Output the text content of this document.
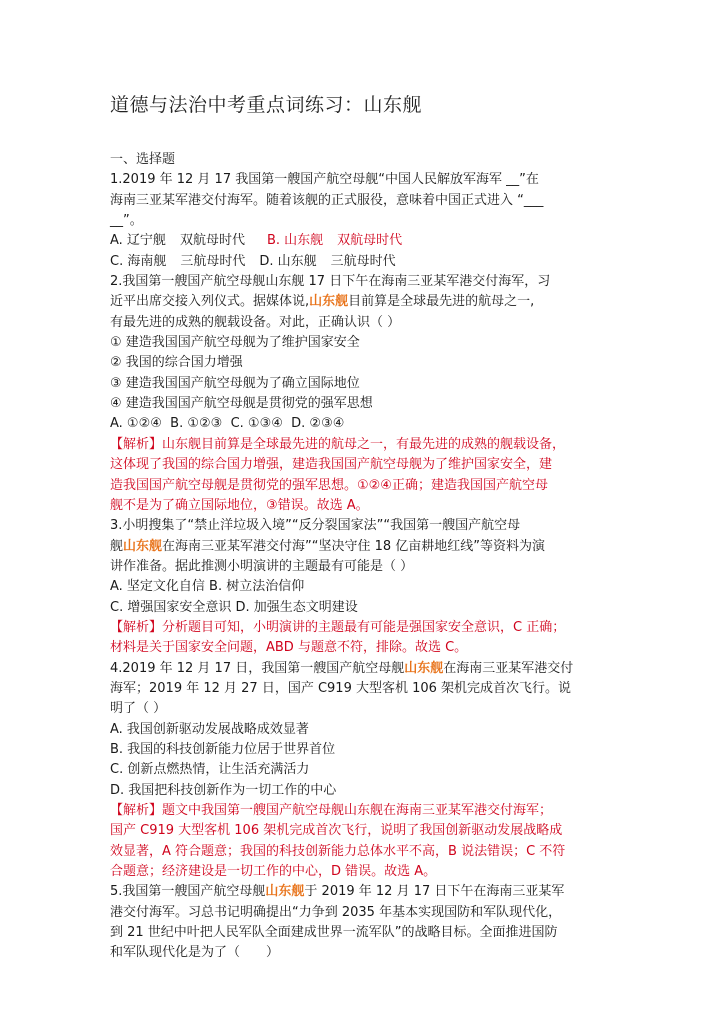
道德与法治中考重点词练习：山东舰
一、选择题
1.2019 年 12 月 17 我国第一艘国产航空母舰“中国人民解放军海军 __”在
海南三亚某军港交付海军。随着该舰的正式服役，意味着中国正式进入 “___
__”。
A. 辽宁舰 双航母时代 B. 山东舰 双航母时代
C. 海南舰 三航母时代 D. 山东舰 三航母时代
2.我国第一艘国产航空母舰山东舰 17 日下午在海南三亚某军港交付海军，习
近平出席交接入列仪式。据媒体说,山东舰目前算是全球最先进的航母之一,
有最先进的成熟的舰载设备。对此，正确认识（ ）
① 建造我国国产航空母舰为了维护国家安全
② 我国的综合国力增强
③ 建造我国国产航空母舰为了确立国际地位
④ 建造我国国产航空母舰是贯彻党的强军思想
A. ①②④  B. ①②③  C. ①③④  D. ②③④
【解析】山东舰目前算是全球最先进的航母之一，有最先进的成熟的舰载设备，
这体现了我国的综合国力增强，建造我国国产航空母舰为了维护国家安全，建
造我国国产航空母舰是贯彻党的强军思想。①②④正确；建造我国国产航空母
舰不是为了确立国际地位，③错误。故选 A。
3.小明搜集了“禁止洋垃圾入境”“反分裂国家法”“我国第一艘国产航空母
舰山东舰在海南三亚某军港交付海”“坚决守住 18 亿亩耕地红线”等资料为演
讲作准备。据此推测小明演讲的主题最有可能是（ ）
A. 坚定文化自信 B. 树立法治信仰
C. 增强国家安全意识 D. 加强生态文明建设
【解析】分析题目可知，小明演讲的主题最有可能是强国家安全意识，C 正确；
材料是关于国家安全问题，ABD 与题意不符，排除。故选 C。
4.2019 年 12 月 17 日，我国第一艘国产航空母舰山东舰在海南三亚某军港交付
海军；2019 年 12 月 27 日，国产 C919 大型客机 106 架机完成首次飞行。说
明了（ ）
A. 我国创新驱动发展战略成效显著
B. 我国的科技创新能力位居于世界首位
C. 创新点燃热情，让生活充满活力
D. 我国把科技创新作为一切工作的中心
【解析】题文中我国第一艘国产航空母舰山东舰在海南三亚某军港交付海军；
国产 C919 大型客机 106 架机完成首次飞行，说明了我国创新驱动发展战略成
效显著，A 符合题意；我国的科技创新能力总体水平不高，B 说法错误；C 不符
合题意；经济建设是一切工作的中心，D 错误。故选 A。
5.我国第一艘国产航空母舰山东舰于 2019 年 12 月 17 日下午在海南三亚某军
港交付海军。习总书记明确提出“力争到 2035 年基本实现国防和军队现代化，
到 21 世纪中叶把人民军队全面建成世界一流军队”的战略目标。全面推进国防
和军队现代化是为了（　　）
